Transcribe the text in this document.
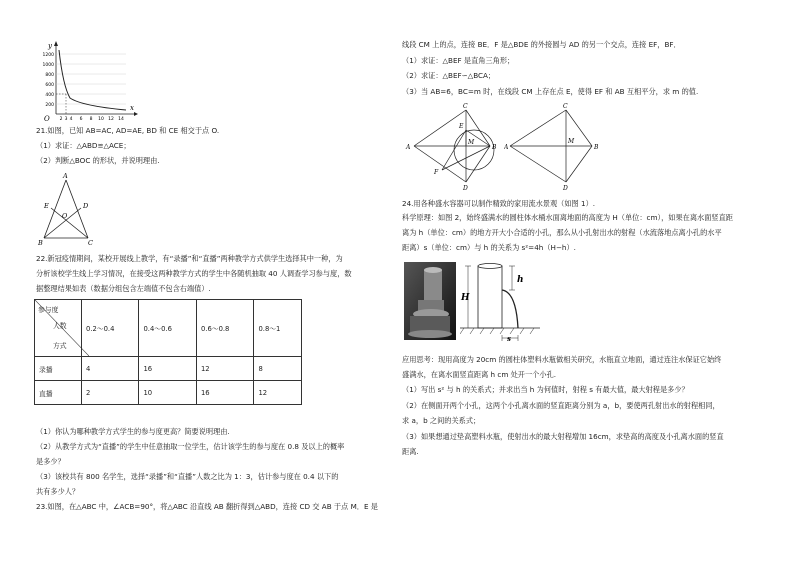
y
x
O
1200
1000
800
600
400
200
2 3 4 6 8 10 12 14
21.如图，已知 AB=AC, AD=AE, BD 和 CE 相交于点 O.
（1）求证：△ABD≌△ACE；
（2）判断△BOC 的形状，并说明理由.
A
B	C
D
E
O
22.新冠疫情期间，某校开展线上教学，有“录播”和“直播”两种教学方式供学生选择其中一种，为
分析该校学生线上学习情况，在接受这两种教学方式的学生中各随机抽取 40 人调查学习参与度，数
据整理结果如表（数据分组包含左端值不包含右端值）.
参与度
人数
方式	0.2～0.4	0.4～0.6	0.6～0.8	0.8～1
录播	4	16	12	8
直播	2	10	16	12
（1）你认为哪种教学方式学生的参与度更高？简要说明理由.
（2）从教学方式为“直播”的学生中任意抽取一位学生，估计该学生的参与度在 0.8 及以上的概率
是多少？
（3）该校共有 800 名学生，选择“录播”和“直播”人数之比为 1：3，估计参与度在 0.4 以下的
共有多少人？
23.如图，在△ABC 中，∠ACB=90°，将△ABC 沿直线 AB 翻折得到△ABD，连接 CD 交 AB 于点 M．E 是
线段 CM 上的点，连接 BE．F 是△BDE 的外接圆与 AD 的另一个交点，连接 EF，BF．
（1）求证：△BEF 是直角三角形；
（2）求证：△BEF∽△BCA；
（3）当 AB=6，BC=m 时，在线段 CM 上存在点 E，使得 EF 和 AB 互相平分，求 m 的值.
A	B
C
D
E
F
M
A	B
C
D
M
24.用各种盛水容器可以制作精致的家用流水景观（如图 1）.
科学原理：如图 2，始终盛满水的圆柱体水桶水面离地面的高度为 H（单位：cm），如果在离水面竖直距
离为 h（单位：cm）的地方开大小合适的小孔，那么从小孔射出水的射程（水流落地点离小孔的水平
距离）s（单位：cm）与 h 的关系为 s²=4h（H−h）.
H
h
s
应用思考：现用高度为 20cm 的圆柱体塑料水瓶做相关研究，水瓶直立地面，通过连注水保证它始终
盛满水，在离水面竖直距离 h cm 处开一个小孔.
（1）写出 s² 与 h 的关系式；并求出当 h 为何值时，射程 s 有最大值，最大射程是多少？
（2）在侧面开两个小孔，这两个小孔离水面的竖直距离分别为 a，b，要使两孔射出水的射程相同，
求 a，b 之间的关系式；
（3）如果想通过垫高塑料水瓶，使射出水的最大射程增加 16cm，求垫高的高度及小孔离水面的竖直
距离.
